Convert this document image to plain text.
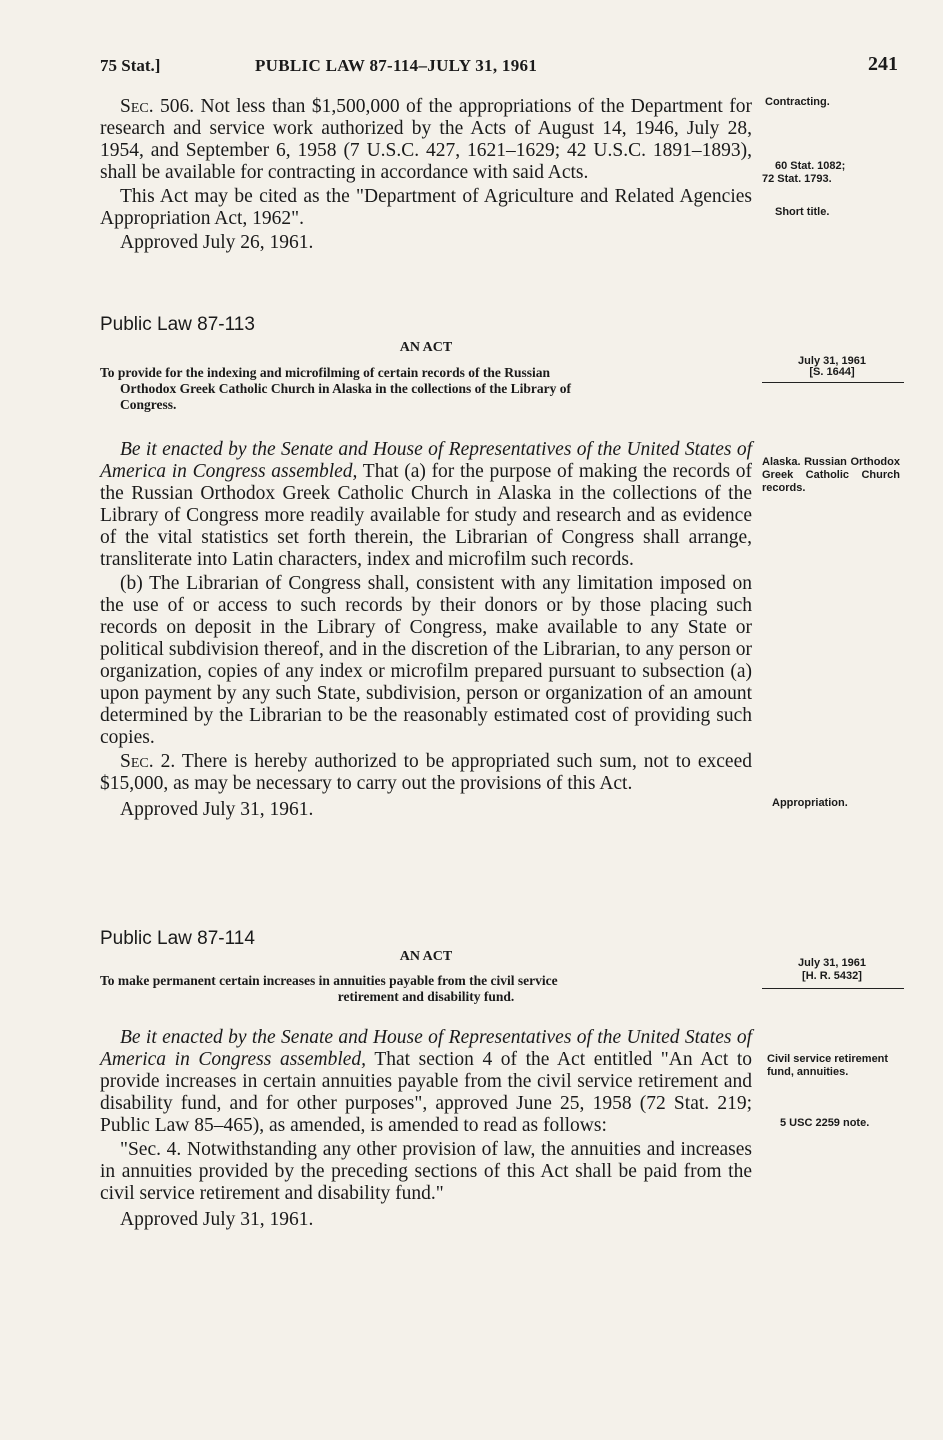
75 Stat.]	PUBLIC LAW 87-114–JULY 31, 1961	241

Sec. 506. Not less than $1,500,000 of the appropriations of the Department for research and service work authorized by the Acts of August 14, 1946, July 28, 1954, and September 6, 1958 (7 U.S.C. 427, 1621–1629; 42 U.S.C. 1891–1893), shall be available for contracting in accordance with said Acts.

This Act may be cited as the "Department of Agriculture and Related Agencies Appropriation Act, 1962".

Approved July 26, 1961.

Public Law 87-113

AN ACT

To provide for the indexing and microfilming of certain records of the Russian
Orthodox Greek Catholic Church in Alaska in the collections of the Library of
Congress.

Be it enacted by the Senate and House of Representatives of the United States of America in Congress assembled, That (a) for the purpose of making the records of the Russian Orthodox Greek Catholic Church in Alaska in the collections of the Library of Congress more readily available for study and research and as evidence of the vital statistics set forth therein, the Librarian of Congress shall arrange, transliterate into Latin characters, index and microfilm such records.

(b) The Librarian of Congress shall, consistent with any limitation imposed on the use of or access to such records by their donors or by those placing such records on deposit in the Library of Congress, make available to any State or political subdivision thereof, and in the discretion of the Librarian, to any person or organization, copies of any index or microfilm prepared pursuant to subsection (a) upon payment by any such State, subdivision, person or organization of an amount determined by the Librarian to be the reasonably estimated cost of providing such copies.

Sec. 2. There is hereby authorized to be appropriated such sum, not to exceed $15,000, as may be necessary to carry out the provisions of this Act.

Approved July 31, 1961.

Public Law 87-114

AN ACT

To make permanent certain increases in annuities payable from the civil service
retirement and disability fund.

Be it enacted by the Senate and House of Representatives of the United States of America in Congress assembled, That section 4 of the Act entitled "An Act to provide increases in certain annuities payable from the civil service retirement and disability fund, and for other purposes", approved June 25, 1958 (72 Stat. 219; Public Law 85–465), as amended, is amended to read as follows:

"Sec. 4. Notwithstanding any other provision of law, the annuities and increases in annuities provided by the preceding sections of this Act shall be paid from the civil service retirement and disability fund."

Approved July 31, 1961.

Contracting.
60 Stat. 1082;
72 Stat. 1793.
Short title.
July 31, 1961
[S. 1644]
Alaska. Russian Orthodox Greek Catholic Church records.
Appropriation.
July 31, 1961
[H. R. 5432]
Civil service retirement fund, annuities.
5 USC 2259 note.
